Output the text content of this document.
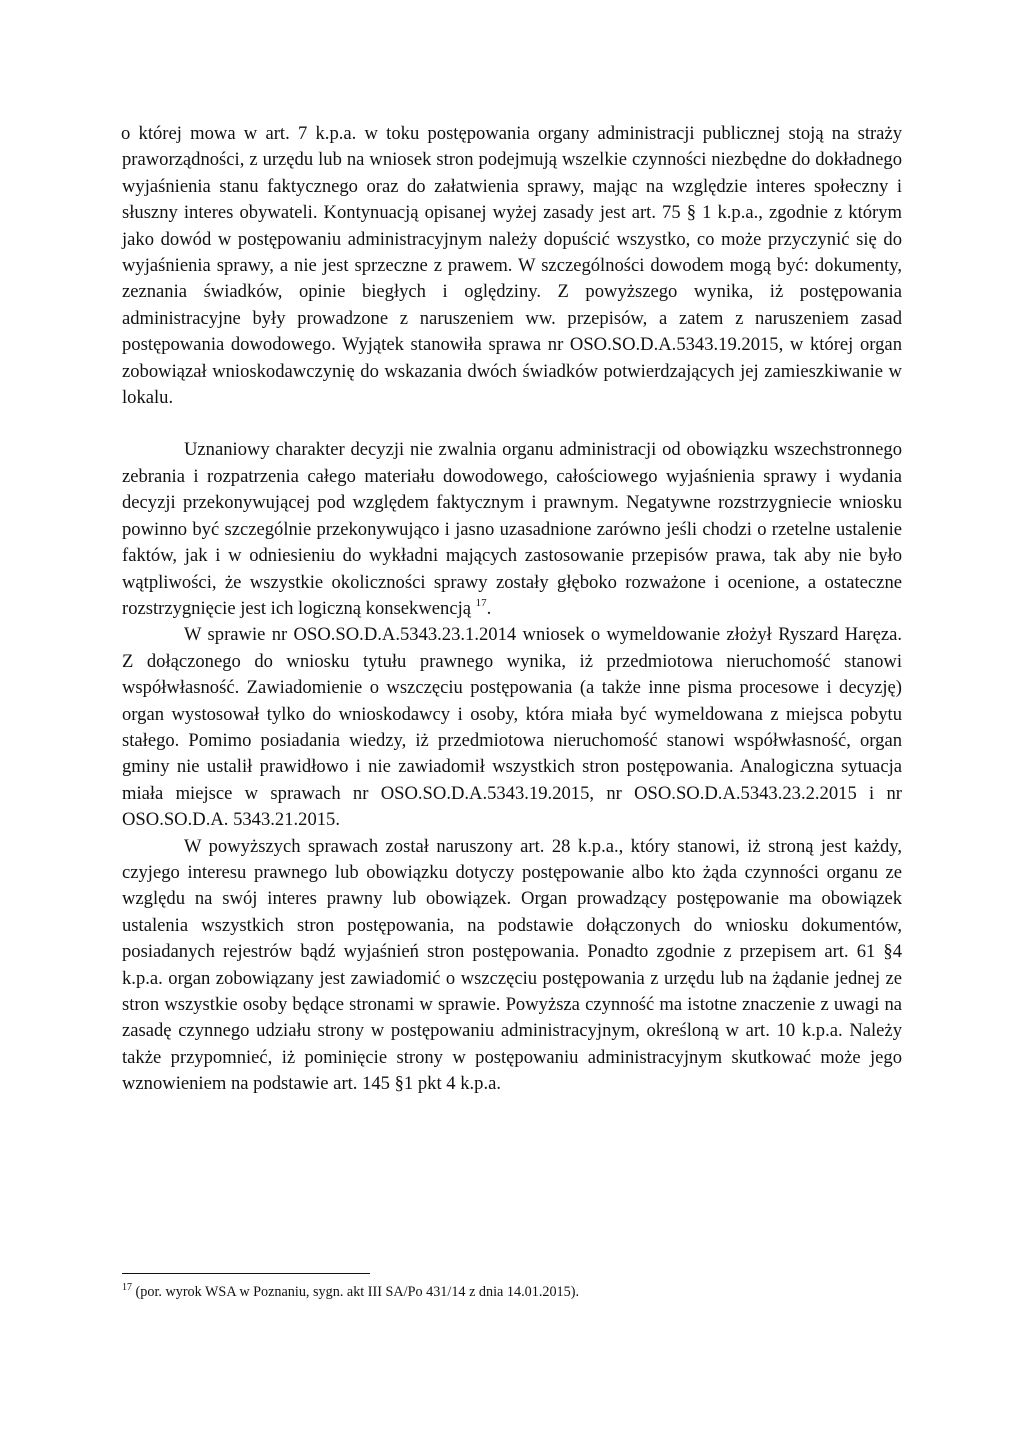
o której mowa w art. 7 k.p.a. w toku postępowania organy administracji publicznej stoją na straży praworządności, z urzędu lub na wniosek stron podejmują wszelkie czynności niezbędne do dokładnego wyjaśnienia stanu faktycznego oraz do załatwienia sprawy, mając na względzie interes społeczny i słuszny interes obywateli. Kontynuacją opisanej wyżej zasady jest art. 75 § 1 k.p.a., zgodnie z którym jako dowód w postępowaniu administracyjnym należy dopuścić wszystko, co może przyczynić się do wyjaśnienia sprawy, a nie jest sprzeczne z prawem. W szczególności dowodem mogą być: dokumenty, zeznania świadków, opinie biegłych i oględziny. Z powyższego wynika, iż postępowania administracyjne były prowadzone z naruszeniem ww. przepisów, a zatem z naruszeniem zasad postępowania dowodowego. Wyjątek stanowiła sprawa nr OSO.SO.D.A.5343.19.2015, w której organ zobowiązał wnioskodawczynię do wskazania dwóch świadków potwierdzających jej zamieszkiwanie w lokalu.

Uznaniowy charakter decyzji nie zwalnia organu administracji od obowiązku wszechstronnego zebrania i rozpatrzenia całego materiału dowodowego, całościowego wyjaśnienia sprawy i wydania decyzji przekonywującej pod względem faktycznym i prawnym. Negatywne rozstrzygniecie wniosku powinno być szczególnie przekonywująco i jasno uzasadnione zarówno jeśli chodzi o rzetelne ustalenie faktów, jak i w odniesieniu do wykładni mających zastosowanie przepisów prawa, tak aby nie było wątpliwości, że wszystkie okoliczności sprawy zostały głęboko rozważone i ocenione, a ostateczne rozstrzygnięcie jest ich logiczną konsekwencją $^{17}$.

W sprawie nr OSO.SO.D.A.5343.23.1.2014 wniosek o wymeldowanie złożył Ryszard Haręza. Z dołączonego do wniosku tytułu prawnego wynika, iż przedmiotowa nieruchomość stanowi współwłasność. Zawiadomienie o wszczęciu postępowania (a także inne pisma procesowe i decyzję) organ wystosował tylko do wnioskodawcy i osoby, która miała być wymeldowana z miejsca pobytu stałego. Pomimo posiadania wiedzy, iż przedmiotowa nieruchomość stanowi współwłasność, organ gminy nie ustalił prawidłowo i nie zawiadomił wszystkich stron postępowania. Analogiczna sytuacja miała miejsce w sprawach nr OSO.SO.D.A.5343.19.2015, nr OSO.SO.D.A.5343.23.2.2015 i nr OSO.SO.D.A. 5343.21.2015.

W powyższych sprawach został naruszony art. 28 k.p.a., który stanowi, iż stroną jest każdy, czyjego interesu prawnego lub obowiązku dotyczy postępowanie albo kto żąda czynności organu ze względu na swój interes prawny lub obowiązek. Organ prowadzący postępowanie ma obowiązek ustalenia wszystkich stron postępowania, na podstawie dołączonych do wniosku dokumentów, posiadanych rejestrów bądź wyjaśnień stron postępowania. Ponadto zgodnie z przepisem art. 61 §4 k.p.a. organ zobowiązany jest zawiadomić o wszczęciu postępowania z urzędu lub na żądanie jednej ze stron wszystkie osoby będące stronami w sprawie. Powyższa czynność ma istotne znaczenie z uwagi na zasadę czynnego udziału strony w postępowaniu administracyjnym, określoną w art. 10 k.p.a. Należy także przypomnieć, iż pominięcie strony w postępowaniu administracyjnym skutkować może jego wznowieniem na podstawie art. 145 §1 pkt 4 k.p.a.

$^{17}$ (por. wyrok WSA w Poznaniu, sygn. akt III SA/Po 431/14 z dnia 14.01.2015).
